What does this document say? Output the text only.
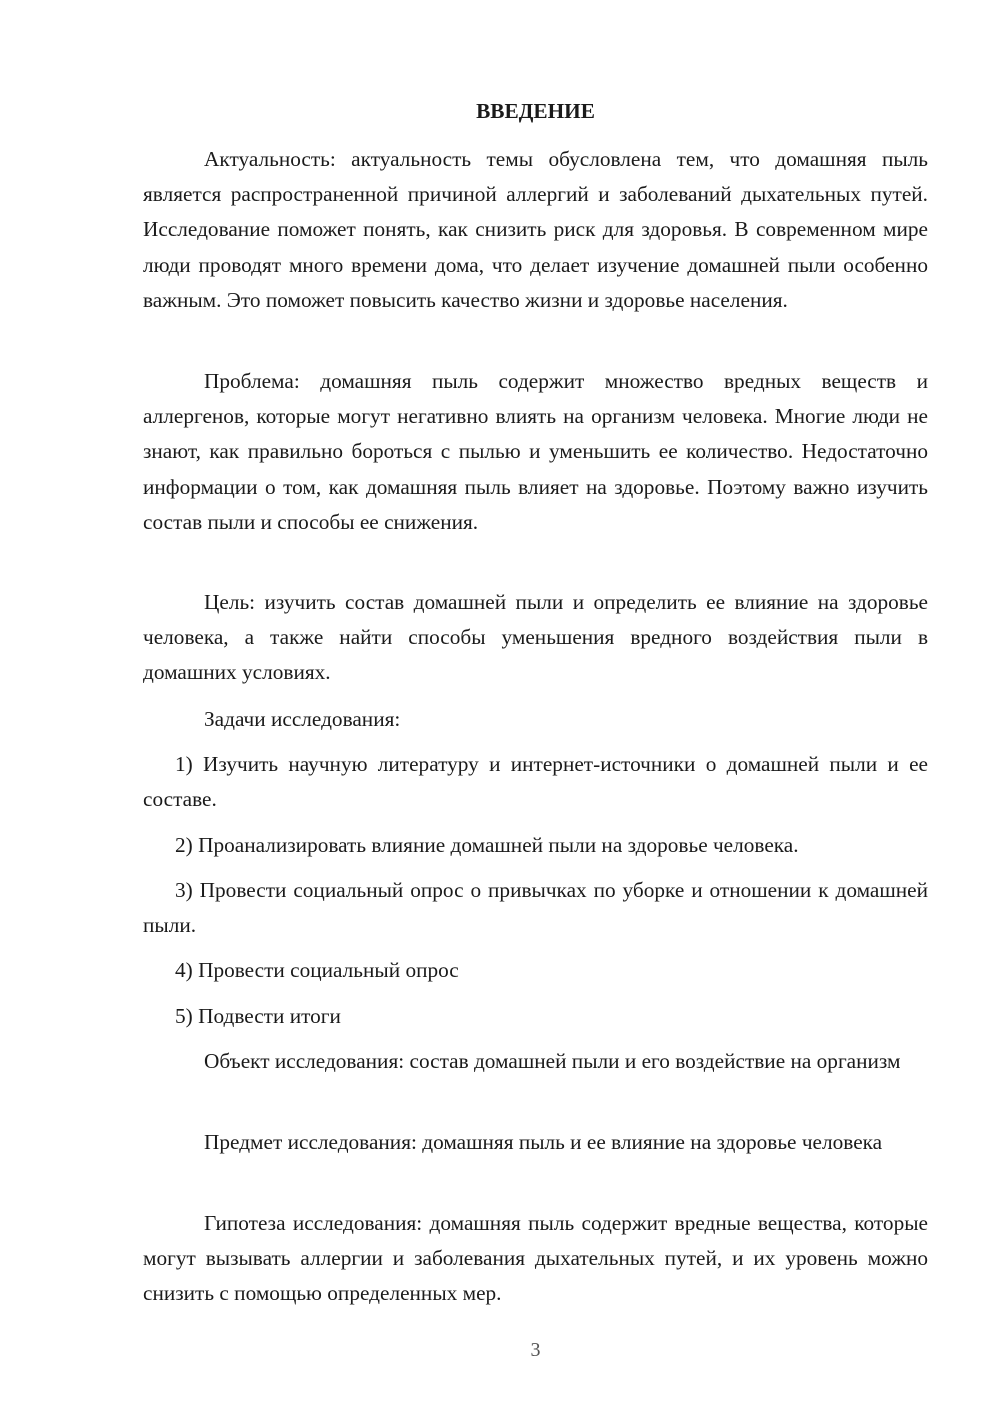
ВВЕДЕНИЕ

Актуальность: актуальность темы обусловлена тем, что домашняя пыль является распространенной причиной аллергий и заболеваний дыхательных путей. Исследование поможет понять, как снизить риск для здоровья. В современном мире люди проводят много времени дома, что делает изучение домашней пыли особенно важным. Это поможет повысить качество жизни и здоровье населения.

Проблема: домашняя пыль содержит множество вредных веществ и аллергенов, которые могут негативно влиять на организм человека. Многие люди не знают, как правильно бороться с пылью и уменьшить ее количество. Недостаточно информации о том, как домашняя пыль влияет на здоровье. Поэтому важно изучить состав пыли и способы ее снижения.

Цель: изучить состав домашней пыли и определить ее влияние на здоровье человека, а также найти способы уменьшения вредного воздействия пыли в домашних условиях.

Задачи исследования:

1) Изучить научную литературу и интернет-источники о домашней пыли и ее составе.

2) Проанализировать влияние домашней пыли на здоровье человека.

3) Провести социальный опрос о привычках по уборке и отношении к домашней пыли.

4) Провести социальный опрос

5) Подвести итоги

Объект исследования: состав домашней пыли и его воздействие на организм

Предмет исследования: домашняя пыль и ее влияние на здоровье человека

Гипотеза исследования: домашняя пыль содержит вредные вещества, которые могут вызывать аллергии и заболевания дыхательных путей, и их уровень можно снизить с помощью определенных мер.

3
